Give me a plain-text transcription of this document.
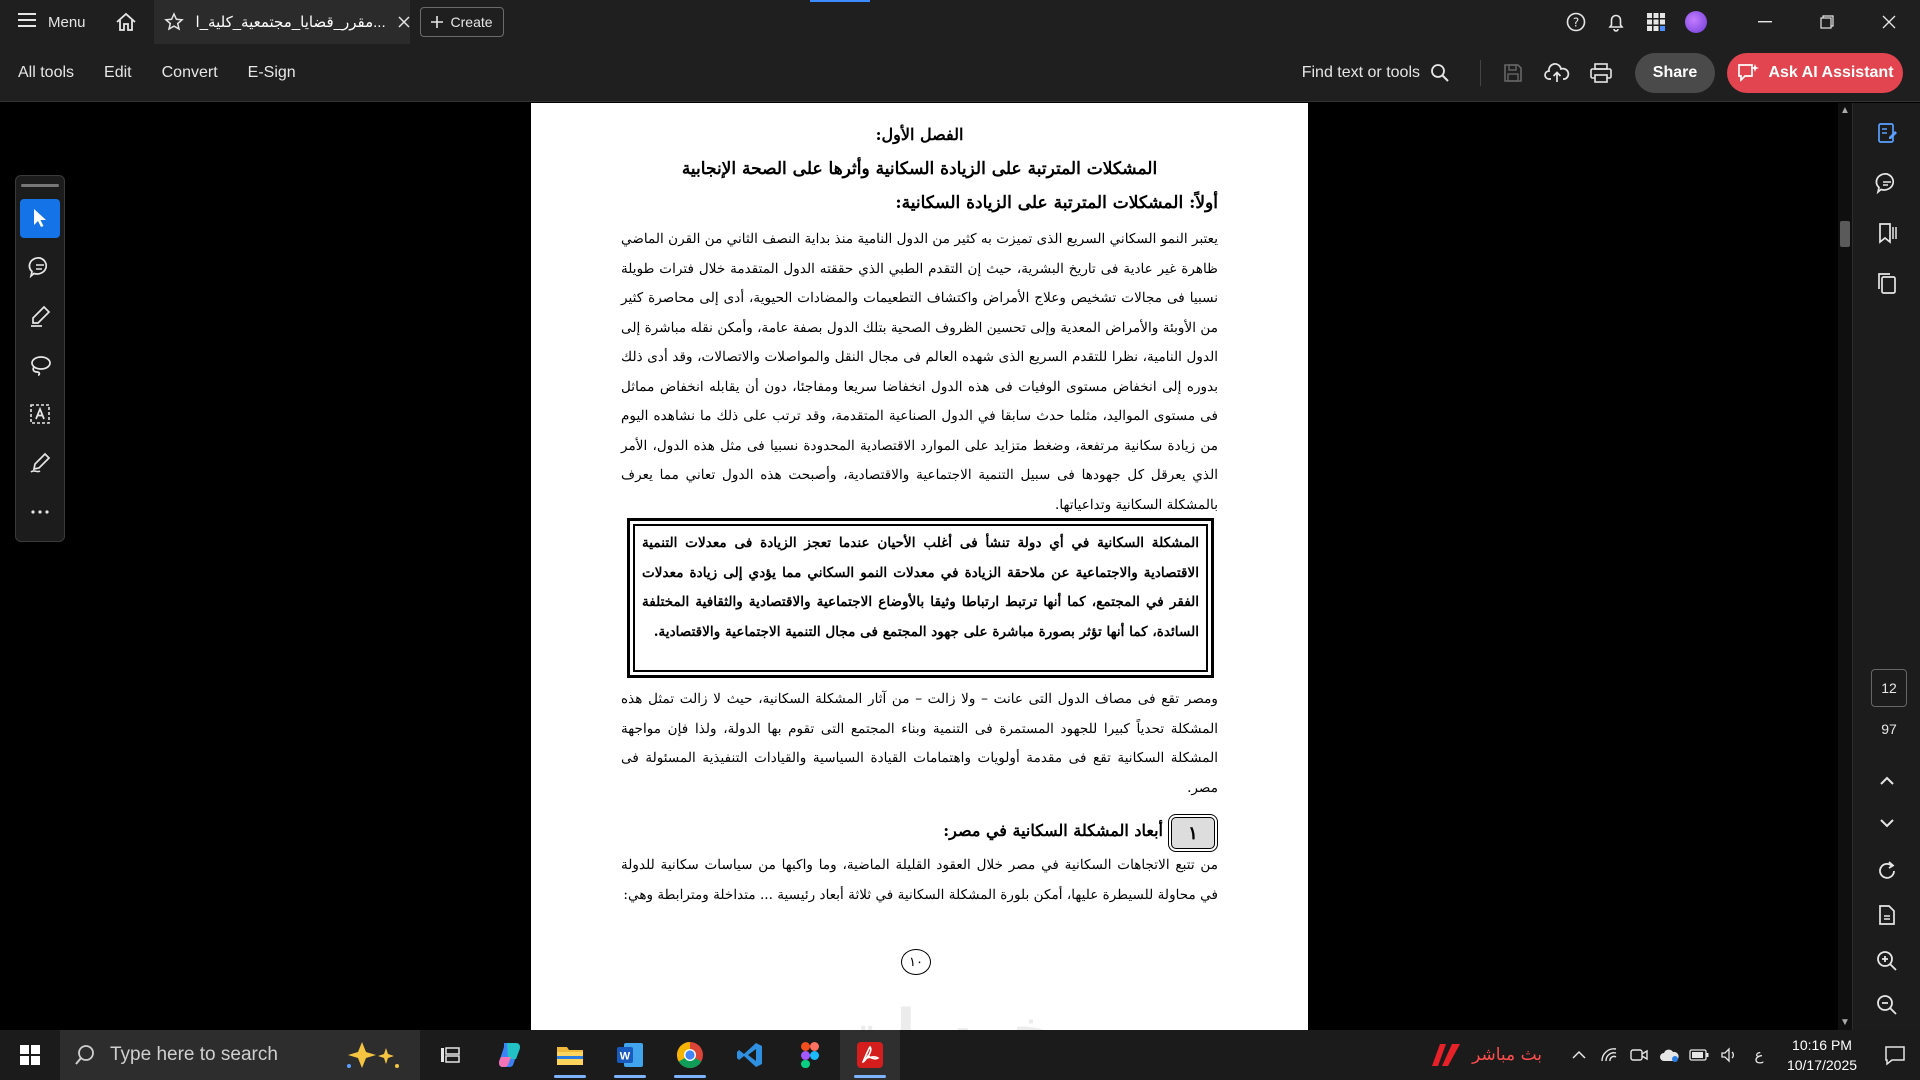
Menu	مقرر_قضايا_مجتمعية_كلية_ا...	Create	?
All tools	Edit	Convert	E-Sign	Find text or tools	Share	Ask AI Assistant
الفصل الأول:
المشكلات المترتبة على الزيادة السكانية وأثرها على الصحة الإنجابية
أولاً: المشكلات المترتبة على الزيادة السكانية:
يعتبر النمو السكاني السريع الذى تميزت به كثير من الدول النامية منذ بداية النصف الثاني من القرن الماضي ظاهرة غير عادية فى تاريخ البشرية، حيث إن التقدم الطبي الذي حققته الدول المتقدمة خلال فترات طويلة نسبيا فى مجالات تشخيص وعلاج الأمراض واكتشاف التطعيمات والمضادات الحيوية، أدى إلى محاصرة كثير من الأوبئة والأمراض المعدية وإلى تحسين الظروف الصحية بتلك الدول بصفة عامة، وأمكن نقله مباشرة إلى الدول النامية، نظرا للتقدم السريع الذى شهده العالم فى مجال النقل والمواصلات والاتصالات، وقد أدى ذلك بدوره إلى انخفاض مستوى الوفيات فى هذه الدول انخفاضا سريعا ومفاجئا، دون أن يقابله انخفاض مماثل فى مستوى المواليد، مثلما حدث سابقا في الدول الصناعية المتقدمة، وقد ترتب على ذلك ما نشاهده اليوم من زيادة سكانية مرتفعة، وضغط متزايد على الموارد الاقتصادية المحدودة نسبيا فى مثل هذه الدول، الأمر الذي يعرقل كل جهودها فى سبيل التنمية الاجتماعية والاقتصادية، وأصبحت هذه الدول تعاني مما يعرف بالمشكلة السكانية وتداعياتها.
المشكلة السكانية في أي دولة تنشأ فى أغلب الأحيان عندما تعجز الزيادة فى معدلات التنمية الاقتصادية والاجتماعية عن ملاحقة الزيادة في معدلات النمو السكاني مما يؤدي إلى زيادة معدلات الفقر في المجتمع، كما أنها ترتبط ارتباطا وثيقا بالأوضاع الاجتماعية والاقتصادية والثقافية المختلفة السائدة، كما أنها تؤثر بصورة مباشرة على جهود المجتمع فى مجال التنمية الاجتماعية والاقتصادية.
ومصر تقع فى مصاف الدول التى عانت – ولا زالت – من آثار المشكلة السكانية، حيث لا زالت تمثل هذه المشكلة تحدياً كبيرا للجهود المستمرة فى التنمية وبناء المجتمع التى تقوم بها الدولة، ولذا فإن مواجهة المشكلة السكانية تقع فى مقدمة أولويات واهتمامات القيادة السياسية والقيادات التنفيذية المسئولة فى مصر.
١
أبعاد المشكلة السكانية في مصر:
من تتبع الاتجاهات السكانية في مصر خلال العقود القليلة الماضية، وما واكبها من سياسات سكانية للدولة في محاولة للسيطرة عليها، أمكن بلورة المشكلة السكانية في ثلاثة أبعاد رئيسية ... متداخلة ومترابطة وهي:
١٠
▲
▼
12
97
Type here to search	W	بث مباشر	ع
10:16 PM
10/17/2025
